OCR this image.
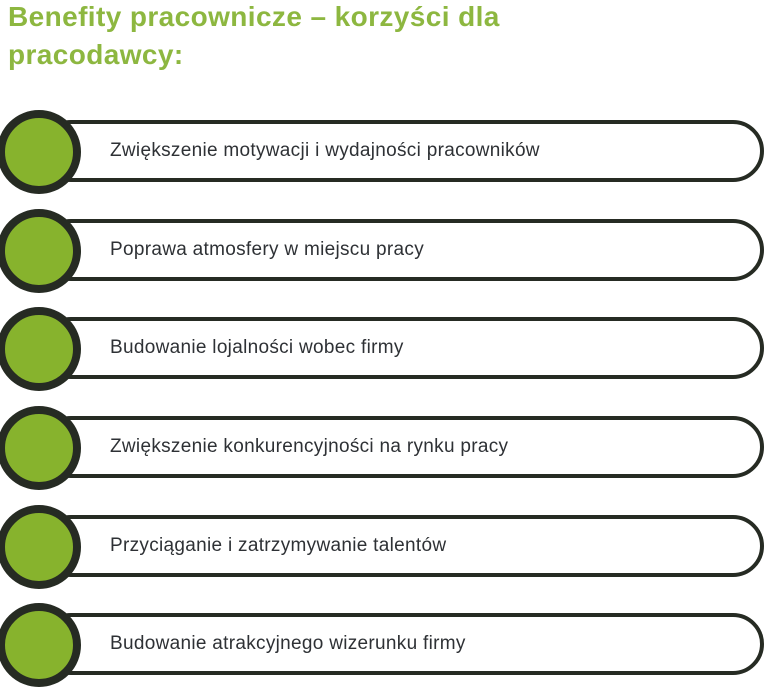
Benefity pracownicze – korzyści dla
pracodawcy:
Zwiększenie motywacji i wydajności pracowników
Poprawa atmosfery w miejscu pracy
Budowanie lojalności wobec firmy
Zwiększenie konkurencyjności na rynku pracy
Przyciąganie i zatrzymywanie talentów
Budowanie atrakcyjnego wizerunku firmy
